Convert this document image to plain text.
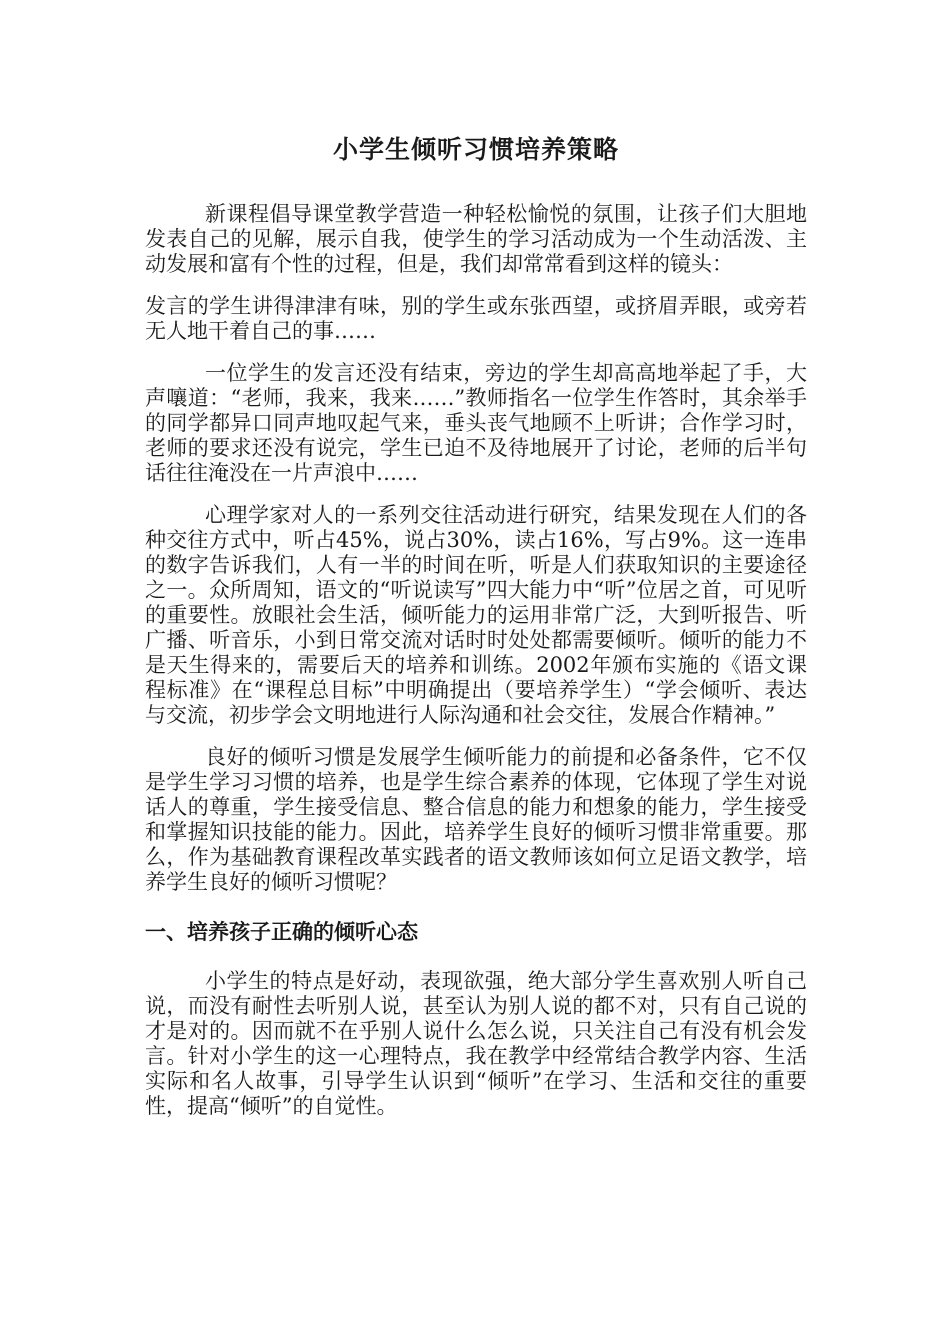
小学生倾听习惯培养策略

新课程倡导课堂教学营造一种轻松愉悦的氛围，让孩子们大胆地发表自己的见解，展示自我，使学生的学习活动成为一个生动活泼、主动发展和富有个性的过程，但是，我们却常常看到这样的镜头：

发言的学生讲得津津有味，别的学生或东张西望，或挤眉弄眼，或旁若无人地干着自己的事……

一位学生的发言还没有结束，旁边的学生却高高地举起了手，大声嚷道：“老师，我来，我来……”教师指名一位学生作答时，其余举手的同学都异口同声地叹起气来，垂头丧气地顾不上听讲；合作学习时，老师的要求还没有说完，学生已迫不及待地展开了讨论，老师的后半句话往往淹没在一片声浪中……

心理学家对人的一系列交往活动进行研究，结果发现在人们的各种交往方式中，听占45%，说占30%，读占16%，写占9%。这一连串的数字告诉我们，人有一半的时间在听，听是人们获取知识的主要途径之一。众所周知，语文的“听说读写”四大能力中“听”位居之首，可见听的重要性。放眼社会生活，倾听能力的运用非常广泛，大到听报告、听广播、听音乐，小到日常交流对话时时处处都需要倾听。倾听的能力不是天生得来的，需要后天的培养和训练。2002年颁布实施的《语文课程标准》在“课程总目标”中明确提出（要培养学生）“学会倾听、表达与交流，初步学会文明地进行人际沟通和社会交往，发展合作精神。”

良好的倾听习惯是发展学生倾听能力的前提和必备条件，它不仅是学生学习习惯的培养，也是学生综合素养的体现，它体现了学生对说话人的尊重，学生接受信息、整合信息的能力和想象的能力，学生接受和掌握知识技能的能力。因此，培养学生良好的倾听习惯非常重要。那么，作为基础教育课程改革实践者的语文教师该如何立足语文教学，培养学生良好的倾听习惯呢？

一、培养孩子正确的倾听心态

小学生的特点是好动，表现欲强，绝大部分学生喜欢别人听自己说，而没有耐性去听别人说，甚至认为别人说的都不对，只有自己说的才是对的。因而就不在乎别人说什么怎么说，只关注自己有没有机会发言。针对小学生的这一心理特点，我在教学中经常结合教学内容、生活实际和名人故事，引导学生认识到“倾听”在学习、生活和交往的重要性，提高“倾听”的自觉性。
